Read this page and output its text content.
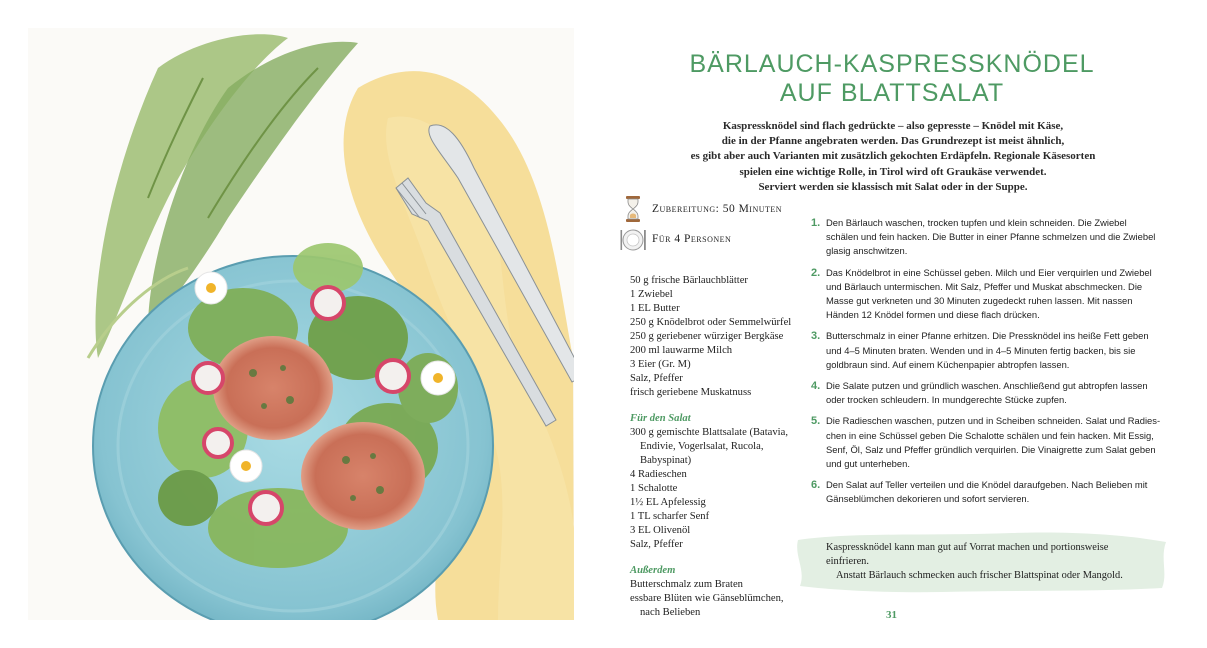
BÄRLAUCH-KASPRESSKNÖDEL
AUF BLATTSALAT
Kaspressknödel sind flach gedrückte – also gepresste – Knödel mit Käse,
die in der Pfanne angebraten werden. Das Grundrezept ist meist ähnlich,
es gibt aber auch Varianten mit zusätzlich gekochten Erdäpfeln. Regionale Käsesorten
spielen eine wichtige Rolle, in Tirol wird oft Graukäse verwendet.
Serviert werden sie klassisch mit Salat oder in der Suppe.
Zubereitung: 50 Minuten
Für 4 Personen
50 g frische Bärlauchblätter
1 Zwiebel
1 EL Butter
250 g Knödelbrot oder Semmelwürfel
250 g geriebener würziger Bergkäse
200 ml lauwarme Milch
3 Eier (Gr. M)
Salz, Pfeffer
frisch geriebene Muskatnuss
Für den Salat
300 g gemischte Blattsalate (Batavia,
Endivie, Vogerlsalat, Rucola,
Babyspinat)
4 Radieschen
1 Schalotte
1½ EL Apfelessig
1 TL scharfer Senf
3 EL Olivenöl
Salz, Pfeffer
Außerdem
Butterschmalz zum Braten
essbare Blüten wie Gänseblümchen,
nach Belieben
1. Den Bärlauch waschen, trocken tupfen und klein schneiden. Die Zwiebel
schälen und fein hacken. Die Butter in einer Pfanne schmelzen und die Zwiebel
glasig anschwitzen.
2. Das Knödelbrot in eine Schüssel geben. Milch und Eier verquirlen und Zwiebel
und Bärlauch untermischen. Mit Salz, Pfeffer und Muskat abschmecken. Die
Masse gut verkneten und 30 Minuten zugedeckt ruhen lassen. Mit nassen
Händen 12 Knödel formen und diese flach drücken.
3. Butterschmalz in einer Pfanne erhitzen. Die Pressknödel ins heiße Fett geben
und 4–5 Minuten braten. Wenden und in 4–5 Minuten fertig backen, bis sie
goldbraun sind. Auf einem Küchenpapier abtropfen lassen.
4. Die Salate putzen und gründlich waschen. Anschließend gut abtropfen lassen
oder trocken schleudern. In mundgerechte Stücke zupfen.
5. Die Radieschen waschen, putzen und in Scheiben schneiden. Salat und Radies-
chen in eine Schüssel geben Die Schalotte schälen und fein hacken. Mit Essig,
Senf, Öl, Salz und Pfeffer gründlich verquirlen. Die Vinaigrette zum Salat geben
und gut unterheben.
6. Den Salat auf Teller verteilen und die Knödel daraufgeben. Nach Belieben mit
Gänseblümchen dekorieren und sofort servieren.
Kaspressknödel kann man gut auf Vorrat machen und portionsweise
einfrieren.
Anstatt Bärlauch schmecken auch frischer Blattspinat oder Mangold.
31
